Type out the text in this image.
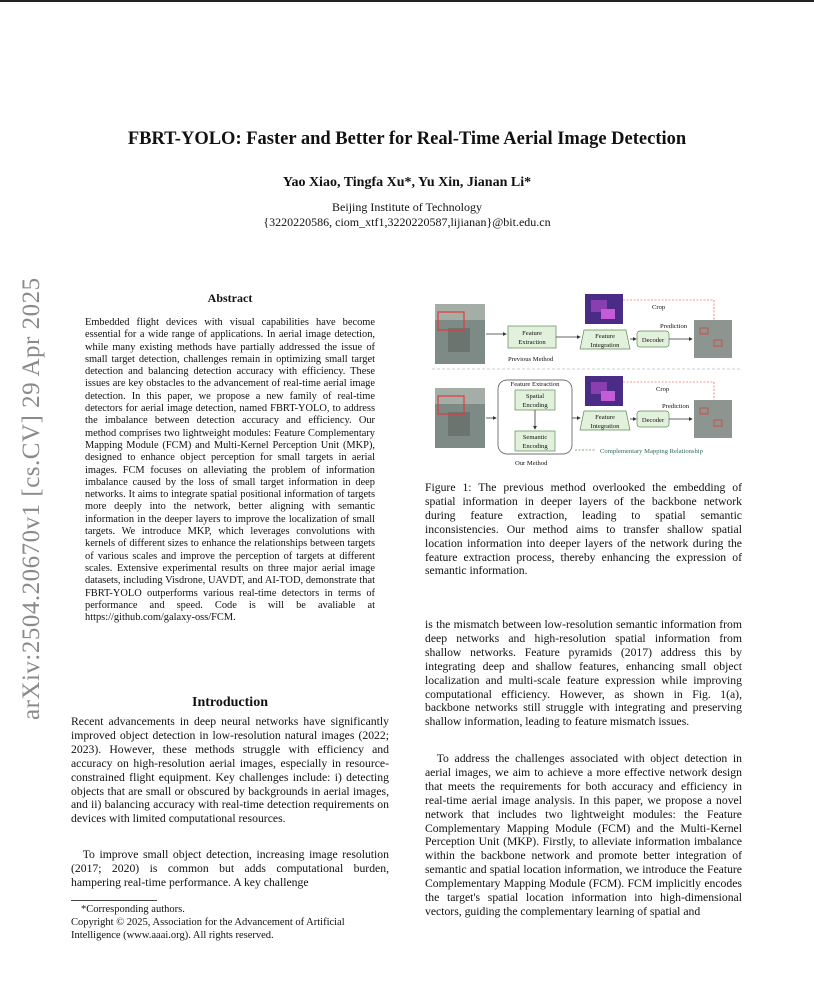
arXiv:2504.20670v1 [cs.CV] 29 Apr 2025
FBRT-YOLO: Faster and Better for Real-Time Aerial Image Detection
Yao Xiao, Tingfa Xu*, Yu Xin, Jianan Li*
Beijing Institute of Technology
{3220220586, ciom_xtf1,3220220587,lijianan}@bit.edu.cn
Abstract

Embedded flight devices with visual capabilities have become essential for a wide range of applications. In aerial image detection, while many existing methods have partially addressed the issue of small target detection, challenges remain in optimizing small target detection and balancing detection accuracy with efficiency. These issues are key obstacles to the advancement of real-time aerial image detection. In this paper, we propose a new family of real-time detectors for aerial image detection, named FBRT-YOLO, to address the imbalance between detection accuracy and efficiency. Our method comprises two lightweight modules: Feature Complementary Mapping Module (FCM) and Multi-Kernel Perception Unit (MKP), designed to enhance object perception for small targets in aerial images. FCM focuses on alleviating the problem of information imbalance caused by the loss of small target information in deep networks. It aims to integrate spatial positional information of targets more deeply into the network, better aligning with semantic information in the deeper layers to improve the localization of small targets. We introduce MKP, which leverages convolutions with kernels of different sizes to enhance the relationships between targets of various scales and improve the perception of targets at different scales. Extensive experimental results on three major aerial image datasets, including Visdrone, UAVDT, and AI-TOD, demonstrate that FBRT-YOLO outperforms various real-time detectors in terms of performance and speed. Code is will be avaliable at https://github.com/galaxy-oss/FCM.

Introduction

Recent advancements in deep neural networks have significantly improved object detection in low-resolution natural images (2022; 2023). However, these methods struggle with efficiency and accuracy on high-resolution aerial images, especially in resource-constrained flight equipment. Key challenges include: i) detecting objects that are small or obscured by backgrounds in aerial images, and ii) balancing accuracy with real-time detection requirements on devices with limited computational resources.

To improve small object detection, increasing image resolution (2017; 2020) is common but adds computational burden, hampering real-time performance. A key challenge

*Corresponding authors.
Copyright © 2025, Association for the Advancement of Artificial Intelligence (www.aaai.org). All rights reserved.
Feature
Extraction
Previous Method
Feature
Integration
Decoder
Crop
Prediction
Feature Extraction
Spatial
Encoding
Semantic
Encoding
Our Method
Feature
Integration
Decoder
Crop
Prediction
Complementary Mapping Relationship

Figure 1: The previous method overlooked the embedding of spatial information in deeper layers of the backbone network during feature extraction, leading to spatial semantic inconsistencies. Our method aims to transfer shallow spatial location information into deeper layers of the network during the feature extraction process, thereby enhancing the expression of semantic information.

is the mismatch between low-resolution semantic information from deep networks and high-resolution spatial information from shallow networks. Feature pyramids (2017) address this by integrating deep and shallow features, enhancing small object localization and multi-scale feature expression while improving computational efficiency. However, as shown in Fig. 1(a), backbone networks still struggle with integrating and preserving shallow information, leading to feature mismatch issues.

To address the challenges associated with object detection in aerial images, we aim to achieve a more effective network design that meets the requirements for both accuracy and efficiency in real-time aerial image analysis. In this paper, we propose a novel network that includes two lightweight modules: the Feature Complementary Mapping Module (FCM) and the Multi-Kernel Perception Unit (MKP). Firstly, to alleviate information imbalance within the backbone network and promote better integration of semantic and spatial location information, we introduce the Feature Complementary Mapping Module (FCM). FCM implicitly encodes the target's spatial location information into high-dimensional vectors, guiding the complementary learning of spatial and
